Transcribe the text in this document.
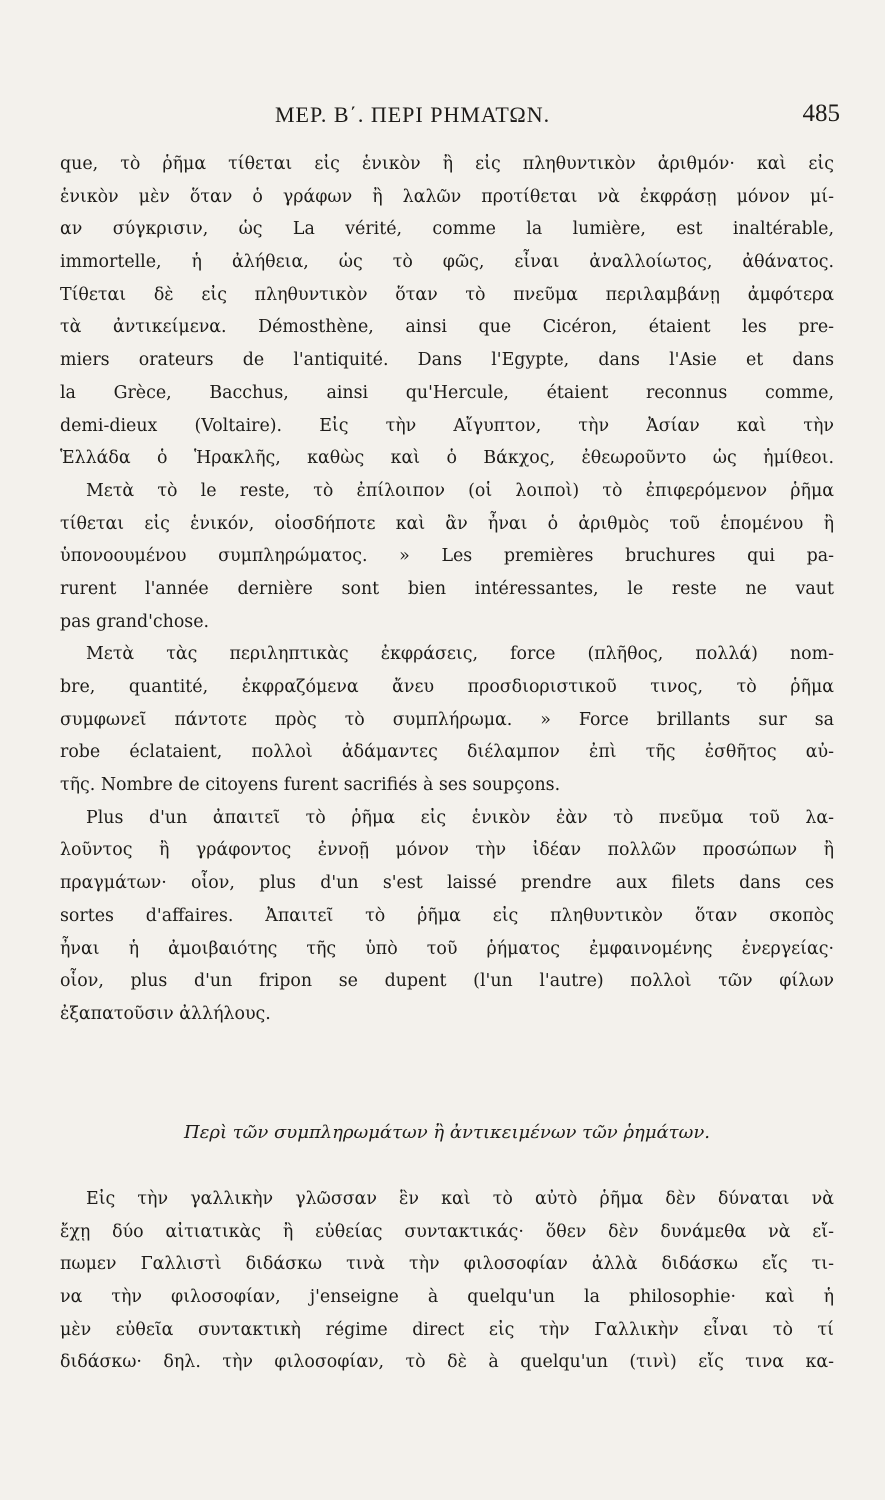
ΜΕΡ. Β΄. ΠΕΡΙ ΡΗΜΑΤΩΝ.	485
que, τὸ ῥῆμα τίθεται εἰς ἑνικὸν ἢ εἰς πληθυντικὸν ἀριθμόν· καὶ εἰς
ἑνικὸν μὲν ὅταν ὁ γράφων ἢ λαλῶν προτίθεται νὰ ἐκφράσῃ μόνον μί-
αν σύγκρισιν, ὡς La vérité, comme la lumière, est inaltérable,
immortelle, ἡ ἀλήθεια, ὡς τὸ φῶς, εἶναι ἀναλλοίωτος, ἀθάνατος.
Τίθεται δὲ εἰς πληθυντικὸν ὅταν τὸ πνεῦμα περιλαμβάνῃ ἀμφότερα
τὰ ἀντικείμενα. Démosthène, ainsi que Cicéron, étaient les pre-
miers orateurs de l'antiquité. Dans l'Egypte, dans l'Asie et dans
la Grèce, Bacchus, ainsi qu'Hercule, étaient reconnus comme,
demi-dieux (Voltaire). Εἰς τὴν Αἴγυπτον, τὴν Ἀσίαν καὶ τὴν
Ἑλλάδα ὁ Ἡρακλῆς, καθὼς καὶ ὁ Βάκχος, ἐθεωροῦντο ὡς ἡμίθεοι.
Μετὰ τὸ le reste, τὸ ἐπίλοιπον (οἱ λοιποὶ) τὸ ἐπιφερόμενον ῥῆμα
τίθεται εἰς ἑνικόν, οἱοσδήποτε καὶ ἂν ἦναι ὁ ἀριθμὸς τοῦ ἑπομένου ἢ
ὑπονοουμένου συμπληρώματος. » Les premières bruchures qui pa-
rurent l'année dernière sont bien intéressantes, le reste ne vaut
pas grand'chose.
Μετὰ τὰς περιληπτικὰς ἐκφράσεις, force (πλῆθος, πολλά) nom-
bre, quantité, ἐκφραζόμενα ἄνευ προσδιοριστικοῦ τινος, τὸ ῥῆμα
συμφωνεῖ πάντοτε πρὸς τὸ συμπλήρωμα. » Force brillants sur sa
robe éclataient, πολλοὶ ἀδάμαντες διέλαμπον ἐπὶ τῆς ἐσθῆτος αὐ-
τῆς. Nombre de citoyens furent sacrifiés à ses soupçons.
Plus d'un ἀπαιτεῖ τὸ ῥῆμα εἰς ἑνικὸν ἐὰν τὸ πνεῦμα τοῦ λα-
λοῦντος ἢ γράφοντος ἐννοῇ μόνον τὴν ἰδέαν πολλῶν προσώπων ἢ
πραγμάτων· οἷον, plus d'un s'est laissé prendre aux filets dans ces
sortes d'affaires. Ἀπαιτεῖ τὸ ῥῆμα εἰς πληθυντικὸν ὅταν σκοπὸς
ἦναι ἡ ἀμοιβαιότης τῆς ὑπὸ τοῦ ῥήματος ἐμφαινομένης ἐνεργείας·
οἷον, plus d'un fripon se dupent (l'un l'autre) πολλοὶ τῶν φίλων
ἐξαπατοῦσιν ἀλλήλους.
Περὶ τῶν συμπληρωμάτων ἢ ἀντικειμένων τῶν ῥημάτων.
Εἰς τὴν γαλλικὴν γλῶσσαν ἓν καὶ τὸ αὐτὸ ῥῆμα δὲν δύναται νὰ
ἔχῃ δύο αἰτιατικὰς ἢ εὐθείας συντακτικάς· ὅθεν δὲν δυνάμεθα νὰ εἴ-
πωμεν Γαλλιστὶ διδάσκω τινὰ τὴν φιλοσοφίαν ἀλλὰ διδάσκω εἴς τι-
να τὴν φιλοσοφίαν, j'enseigne à quelqu'un la philosophie· καὶ ἡ
μὲν εὐθεῖα συντακτικὴ régime direct εἰς τὴν Γαλλικὴν εἶναι τὸ τί
διδάσκω· δηλ. τὴν φιλοσοφίαν, τὸ δὲ à quelqu'un (τινὶ) εἴς τινα κα-
